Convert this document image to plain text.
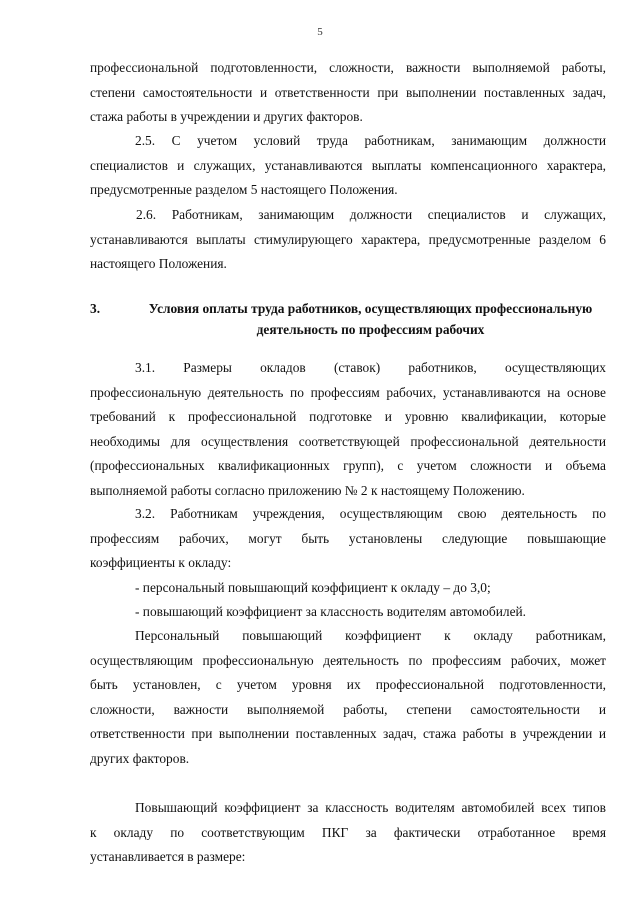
5
профессиональной подготовленности, сложности, важности выполняемой работы,
степени самостоятельности и ответственности при выполнении поставленных задач,
стажа работы в учреждении и других факторов.
2.5. С учетом условий труда работникам, занимающим должности
специалистов и служащих, устанавливаются выплаты компенсационного характера,
предусмотренные разделом 5 настоящего Положения.
2.6. Работникам, занимающим должности специалистов и служащих,
устанавливаются выплаты стимулирующего характера, предусмотренные разделом 6
настоящего Положения.
3.	Условия оплаты труда работников, осуществляющих профессиональную
деятельность по профессиям рабочих
3.1. Размеры окладов (ставок) работников, осуществляющих
профессиональную деятельность по профессиям рабочих, устанавливаются на основе
требований к профессиональной подготовке и уровню квалификации, которые
необходимы для осуществления соответствующей профессиональной деятельности
(профессиональных квалификационных групп), с учетом сложности и объема
выполняемой работы согласно приложению № 2 к настоящему Положению.
3.2. Работникам учреждения, осуществляющим свою деятельность по
профессиям рабочих, могут быть установлены следующие повышающие
коэффициенты к окладу:
- персональный повышающий коэффициент к окладу – до 3,0;
- повышающий коэффициент за классность водителям автомобилей.
Персональный повышающий коэффициент к окладу работникам,
осуществляющим профессиональную деятельность по профессиям рабочих, может
быть установлен, с учетом уровня их профессиональной подготовленности,
сложности, важности выполняемой работы, степени самостоятельности и
ответственности при выполнении поставленных задач, стажа работы в учреждении и
других факторов.
Повышающий коэффициент за классность водителям автомобилей всех типов
к окладу по соответствующим ПКГ за фактически отработанное время
устанавливается в размере:
